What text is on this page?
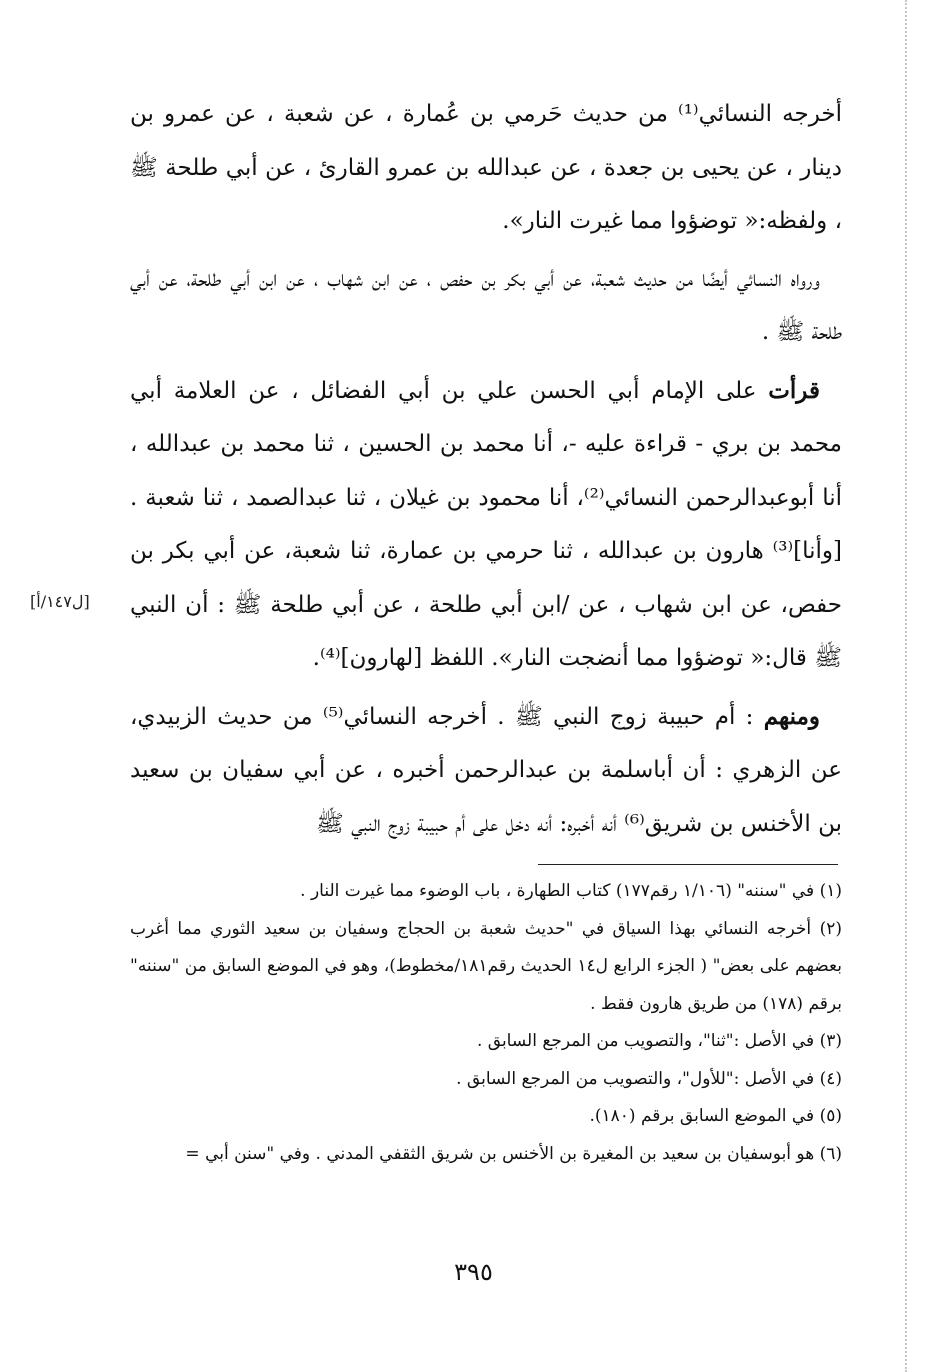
أخرجه النسائي⁽¹⁾ من حديث حَرمي بن عُمارة ، عن شعبة ، عن عمرو بن دينار ، عن يحيى بن جعدة ، عن عبدالله بن عمرو القارئ ، عن أبي طلحة ﷺ ، ولفظه:« توضؤوا مما غيرت النار».

ورواه النسائي أيضًا من حديث شعبة، عن أبي بكر بن حفص ، عن ابن شهاب ، عن ابن أبي طلحة، عن أبي طلحة ﷺ .

قرأت على الإمام أبي الحسن علي بن أبي الفضائل ، عن العلامة أبي محمد بن بري - قراءة عليه -، أنا محمد بن الحسين ، ثنا محمد بن عبدالله ، أنا أبوعبدالرحمن النسائي⁽²⁾، أنا محمود بن غيلان ، ثنا عبدالصمد ، ثنا شعبة . [وأنا]⁽³⁾ هارون بن عبدالله ، ثنا حرمي بن عمارة، ثنا شعبة، عن أبي بكر بن حفص، عن ابن شهاب ، عن /ابن أبي طلحة ، عن أبي طلحة ﷺ : أن النبي ﷺ قال:« توضؤوا مما أنضجت النار». اللفظ [لهارون]⁽⁴⁾.

ومنهم : أم حبيبة زوج النبي ﷺ . أخرجه النسائي⁽⁵⁾ من حديث الزبيدي، عن الزهري : أن أباسلمة بن عبدالرحمن أخبره ، عن أبي سفيان بن سعيد بن الأخنس بن شريق⁽⁶⁾ أنه أخبره: أنه دخل على أم حبيبة زوج النبي ﷺ

[ل١٤٧/أ]

(١) في "سننه" (١/١٠٦ رقم١٧٧) كتاب الطهارة ، باب الوضوء مما غيرت النار .

(٢) أخرجه النسائي بهذا السياق في "حديث شعبة بن الحجاج وسفيان بن سعيد الثوري مما أغرب بعضهم على بعض" ( الجزء الرابع ل١٤ الحديث رقم١٨١/مخطوط)، وهو في الموضع السابق من "سننه" برقم (١٧٨) من طريق هارون فقط .

(٣) في الأصل :"ثنا"، والتصويب من المرجع السابق .

(٤) في الأصل :"للأول"، والتصويب من المرجع السابق .

(٥) في الموضع السابق برقم (١٨٠).

(٦) هو أبوسفيان بن سعيد بن المغيرة بن الأخنس بن شريق الثقفي المدني . وفي "سنن أبي =

٣٩٥
